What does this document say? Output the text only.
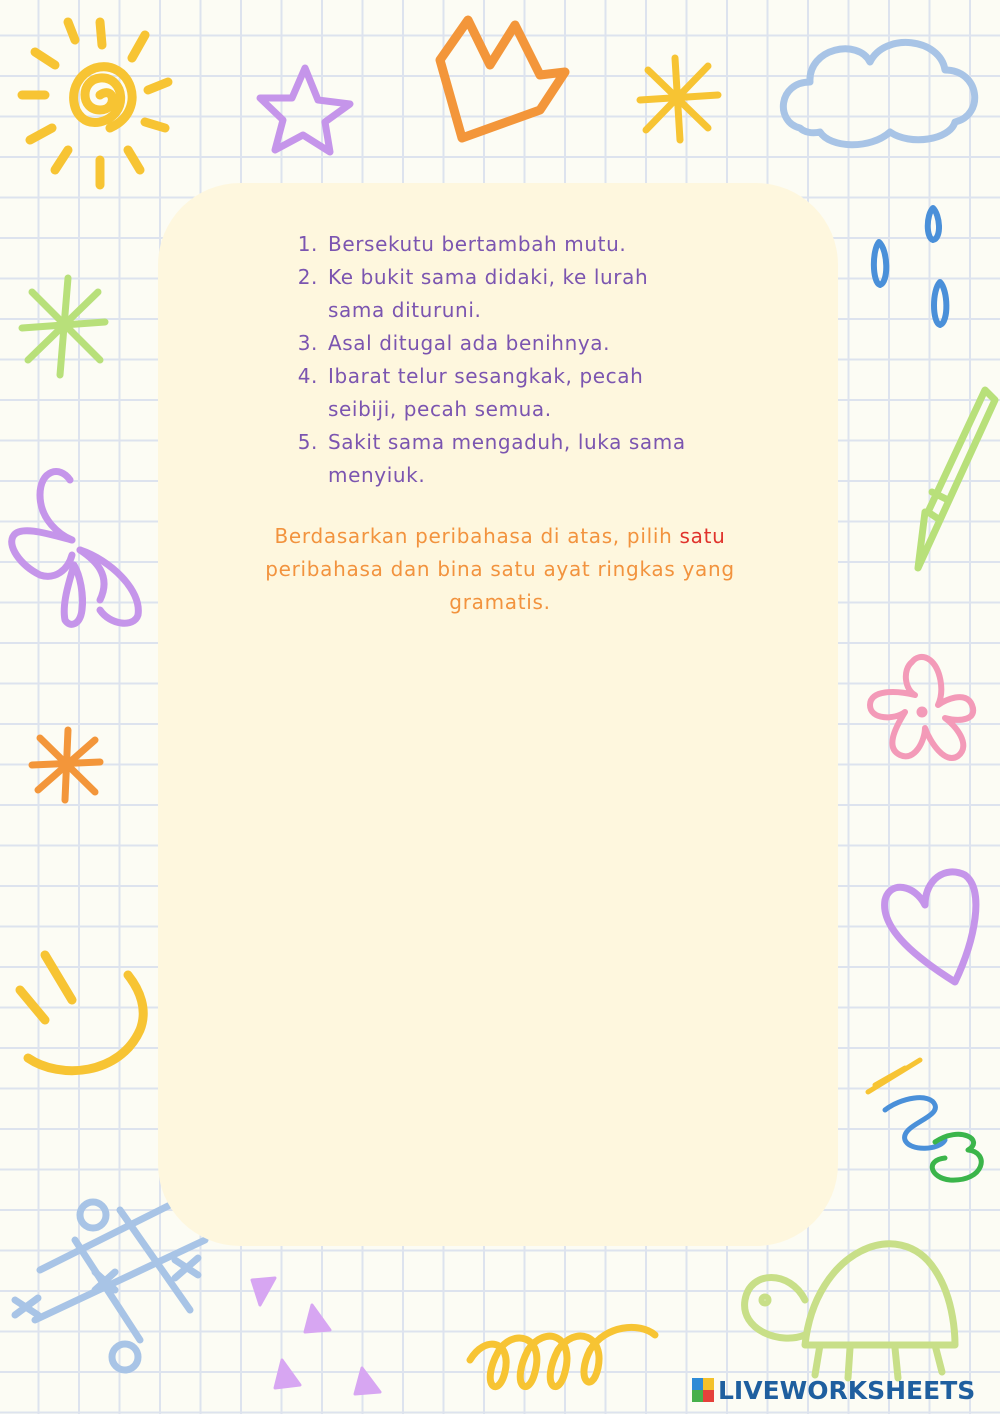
1. Bersekutu bertambah mutu.
2. Ke bukit sama didaki, ke lurah sama dituruni.
3. Asal ditugal ada benihnya.
4. Ibarat telur sesangkak, pecah seibiji, pecah semua.
5. Sakit sama mengaduh, luka sama menyiuk.

Berdasarkan peribahasa di atas, pilih satu peribahasa dan bina satu ayat ringkas yang gramatis.

LIVEWORKSHEETS
